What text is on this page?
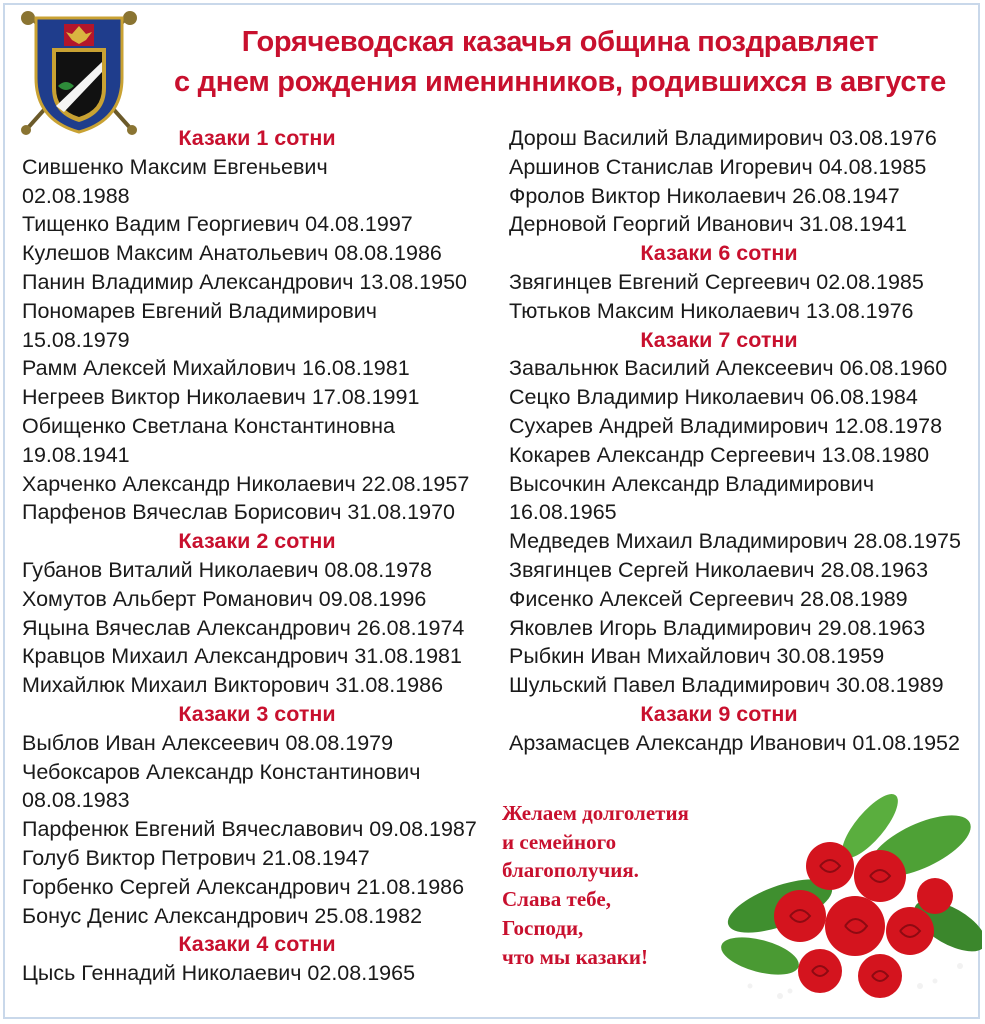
Горячеводская казачья община поздравляет
с днем рождения именинников, родившихся в августе
Казаки 1 сотни
Сившенко Максим Евгеньевич
02.08.1988
Тищенко Вадим Георгиевич 04.08.1997
Кулешов Максим Анатольевич 08.08.1986
Панин Владимир Александрович 13.08.1950
Пономарев Евгений Владимирович
15.08.1979
Рамм Алексей Михайлович 16.08.1981
Негреев Виктор Николаевич 17.08.1991
Обищенко Светлана Константиновна
19.08.1941
Харченко Александр Николаевич 22.08.1957
Парфенов Вячеслав Борисович 31.08.1970
Казаки 2 сотни
Губанов Виталий Николаевич 08.08.1978
Хомутов Альберт Романович 09.08.1996
Яцына Вячеслав Александрович 26.08.1974
Кравцов Михаил Александрович 31.08.1981
Михайлюк Михаил Викторович 31.08.1986
Казаки 3 сотни
Выблов Иван Алексеевич 08.08.1979
Чебоксаров Александр Константинович
08.08.1983
Парфенюк Евгений Вячеславович 09.08.1987
Голуб Виктор Петрович 21.08.1947
Горбенко Сергей Александрович 21.08.1986
Бонус Денис Александрович 25.08.1982
Казаки 4 сотни
Цысь Геннадий Николаевич 02.08.1965
Дорош Василий Владимирович 03.08.1976
Аршинов Станислав Игоревич 04.08.1985
Фролов Виктор Николаевич 26.08.1947
Дерновой Георгий Иванович 31.08.1941
Казаки 6 сотни
Звягинцев Евгений Сергеевич 02.08.1985
Тютьков Максим Николаевич 13.08.1976
Казаки 7 сотни
Завальнюк Василий Алексеевич 06.08.1960
Сецко Владимир Николаевич 06.08.1984
Сухарев Андрей Владимирович 12.08.1978
Кокарев Александр Сергеевич 13.08.1980
Высочкин Александр Владимирович
16.08.1965
Медведев Михаил Владимирович 28.08.1975
Звягинцев Сергей Николаевич 28.08.1963
Фисенко Алексей Сергеевич 28.08.1989
Яковлев Игорь Владимирович 29.08.1963
Рыбкин Иван Михайлович 30.08.1959
Шульский Павел Владимирович 30.08.1989
Казаки 9 сотни
Арзамасцев Александр Иванович 01.08.1952
Желаем долголетия
и семейного
благополучия.
Слава тебе,
Господи,
что мы казаки!
